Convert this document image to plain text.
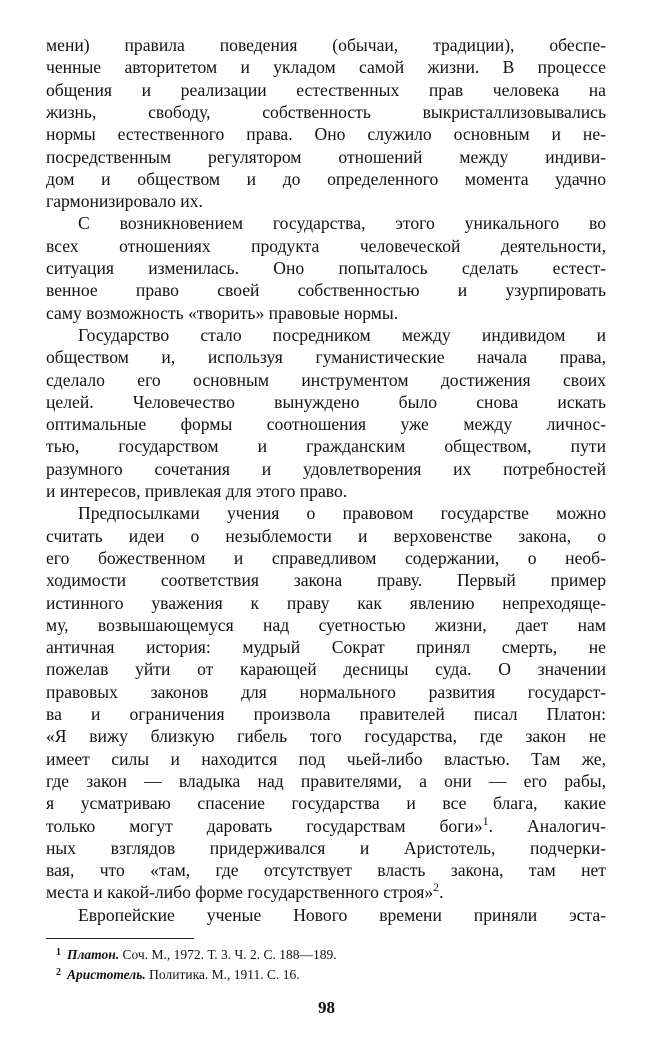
мени) правила поведения (обычаи, традиции), обеспе-
ченные авторитетом и укладом самой жизни. В процессе
общения и реализации естественных прав человека на
жизнь, свободу, собственность выкристаллизовывались
нормы естественного права. Оно служило основным и не-
посредственным регулятором отношений между индиви-
дом и обществом и до определенного момента удачно
гармонизировало их.
С возникновением государства, этого уникального во
всех отношениях продукта человеческой деятельности,
ситуация изменилась. Оно попыталось сделать естест-
венное право своей собственностью и узурпировать
саму возможность «творить» правовые нормы.
Государство стало посредником между индивидом и
обществом и, используя гуманистические начала права,
сделало его основным инструментом достижения своих
целей. Человечество вынуждено было снова искать
оптимальные формы соотношения уже между личнос-
тью, государством и гражданским обществом, пути
разумного сочетания и удовлетворения их потребностей
и интересов, привлекая для этого право.
Предпосылками учения о правовом государстве можно
считать идеи о незыблемости и верховенстве закона, о
его божественном и справедливом содержании, о необ-
ходимости соответствия закона праву. Первый пример
истинного уважения к праву как явлению непреходяще-
му, возвышающемуся над суетностью жизни, дает нам
античная история: мудрый Сократ принял смерть, не
пожелав уйти от карающей десницы суда. О значении
правовых законов для нормального развития государст-
ва и ограничения произвола правителей писал Платон:
«Я вижу близкую гибель того государства, где закон не
имеет силы и находится под чьей-либо властью. Там же,
где закон — владыка над правителями, а они — его рабы,
я усматриваю спасение государства и все блага, какие
только могут даровать государствам боги»$^1$. Аналогич-
ных взглядов придерживался и Аристотель, подчерки-
вая, что «там, где отсутствует власть закона, там нет
места и какой-либо форме государственного строя»$^2$.
Европейские ученые Нового времени приняли эста-
$^1$ Платон. Соч. М., 1972. Т. 3. Ч. 2. С. 188—189.
$^2$ Аристотель. Политика. М., 1911. С. 16.
98
